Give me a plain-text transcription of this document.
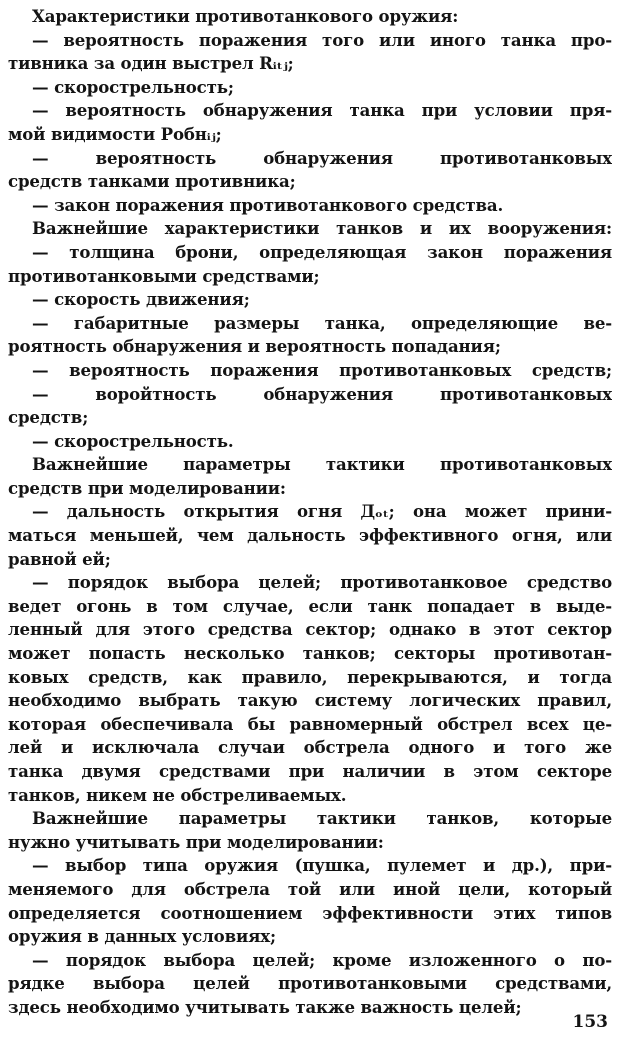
Характеристики противотанкового оружия:
— вероятность поражения того или иного танка про-
тивника за один выстрел Rᵢₜⱼ;
— скорострельность;
— вероятность обнаружения танка при условии пря-
мой видимости Pобнᵢⱼ;
— вероятность обнаружения противотанковых
средств танками противника;
— закон поражения противотанкового средства.
Важнейшие характеристики танков и их вооружения:
— толщина брони, определяющая закон поражения
противотанковыми средствами;
— скорость движения;
— габаритные размеры танка, определяющие ве-
роятность обнаружения и вероятность попадания;
— вероятность поражения противотанковых средств;
— воройтность обнаружения противотанковых
средств;
— скорострельность.
Важнейшие параметры тактики противотанковых
средств при моделировании:
— дальность открытия огня Дₒₜ; она может прини-
маться меньшей, чем дальность эффективного огня, или
равной ей;
— порядок выбора целей; противотанковое средство
ведет огонь в том случае, если танк попадает в выде-
ленный для этого средства сектор; однако в этот сектор
может попасть несколько танков; секторы противотан-
ковых средств, как правило, перекрываются, и тогда
необходимо выбрать такую систему логических правил,
которая обеспечивала бы равномерный обстрел всех це-
лей и исключала случаи обстрела одного и того же
танка двумя средствами при наличии в этом секторе
танков, никем не обстреливаемых.
Важнейшие параметры тактики танков, которые
нужно учитывать при моделировании:
— выбор типа оружия (пушка, пулемет и др.), при-
меняемого для обстрела той или иной цели, который
определяется соотношением эффективности этих типов
оружия в данных условиях;
— порядок выбора целей; кроме изложенного о по-
рядке выбора целей противотанковыми средствами,
здесь необходимо учитывать также важность целей;
153
